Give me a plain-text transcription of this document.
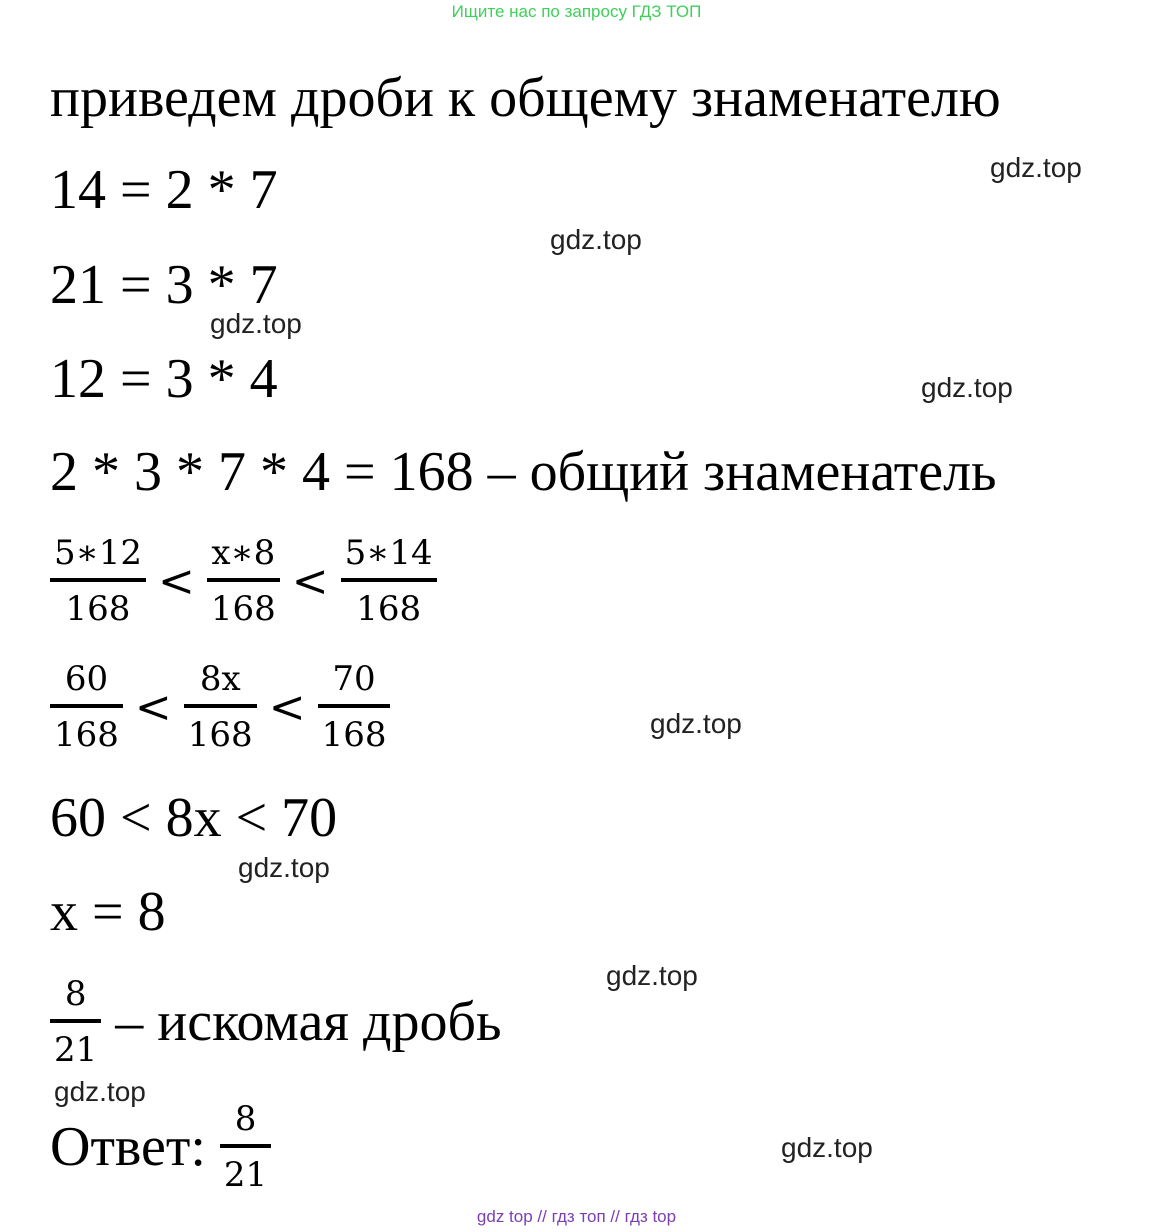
Ищите нас по запросу ГДЗ ТОП
приведем дроби к общему знаменателю
14 = 2 * 7
21 = 3 * 7
12 = 3 * 4
2 * 3 * 7 * 4 = 168 – общий знаменатель
$\frac{5∗12}{168} < \frac{x∗8}{168} < \frac{5∗14}{168}$
$\frac{60}{168} < \frac{8x}{168} < \frac{70}{168}$
60 < 8x < 70
x = 8
$\frac{8}{21}$ – искомая дробь
Ответ: $\frac{8}{21}$
gdz.top
gdz.top
gdz.top
gdz.top
gdz.top
gdz.top
gdz.top
gdz.top
gdz.top
gdz top // гдз топ // гдз top
